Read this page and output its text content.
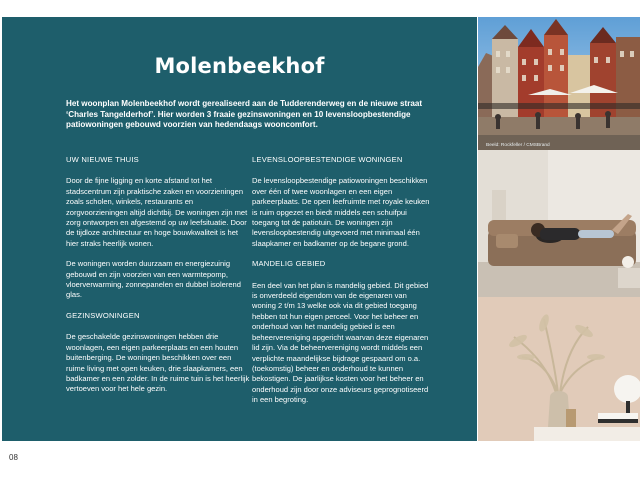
Molenbeekhof
Het woonplan Molenbeekhof wordt gerealiseerd aan de Tudderenderweg en de nieuwe straat ‘Charles Tangelderhof’. Hier worden 3 fraaie gezinswoningen en 10 levensloopbestendige patiowoningen gebouwd voorzien van hedendaags wooncomfort.
UW NIEUWE THUIS

Door de fijne ligging en korte afstand tot het stadscentrum zijn praktische zaken en voorzieningen zoals scholen, winkels, restaurants en zorgvoorzieningen altijd dichtbij. De woningen zijn met zorg ontworpen en afgestemd op uw leefsituatie. Door de tijdloze architectuur en hoge bouwkwaliteit is het hier straks heerlijk wonen.

De woningen worden duurzaam en energiezuinig gebouwd en zijn voorzien van een warmtepomp, vloerverwarming, zonnepanelen en dubbel isolerend glas.

GEZINSWONINGEN

De geschakelde gezinswoningen hebben drie woonlagen, een eigen parkeerplaats en een houten buitenberging. De woningen beschikken over een ruime living met open keuken, drie slaapkamers, een badkamer en een zolder. In de ruime tuin is het heerlijk vertoeven voor het hele gezin.

LEVENSLOOPBESTENDIGE WONINGEN

De levensloopbestendige patiowoningen beschikken over één of twee woonlagen en een eigen parkeerplaats. De open leefruimte met royale keuken is ruim opgezet en biedt middels een schuifpui toegang tot de patiotuin. De woningen zijn levensloopbestendig uitgevoerd met minimaal één slaapkamer en badkamer op de begane grond.

MANDELIG GEBIED

Een deel van het plan is mandelig gebied. Dit gebied is onverdeeld eigendom van de eigenaren van woning 2 t/m 13 welke ook via dit gebied toegang hebben tot hun eigen perceel. Voor het beheer en onderhoud van het mandelig gebied is een beheervereniging opgericht waarvan deze eigenaren lid zijn. Via de beheervereniging wordt middels een verplichte maandelijkse bijdrage gespaard om o.a. (toekomstig) beheer en onderhoud te kunnen bekostigen. De jaarlijkse kosten voor het beheer en onderhoud zijn door onze adviseurs geprognotiseerd in een begroting.

Beeld: Rockfeller / CMSBrand
08
